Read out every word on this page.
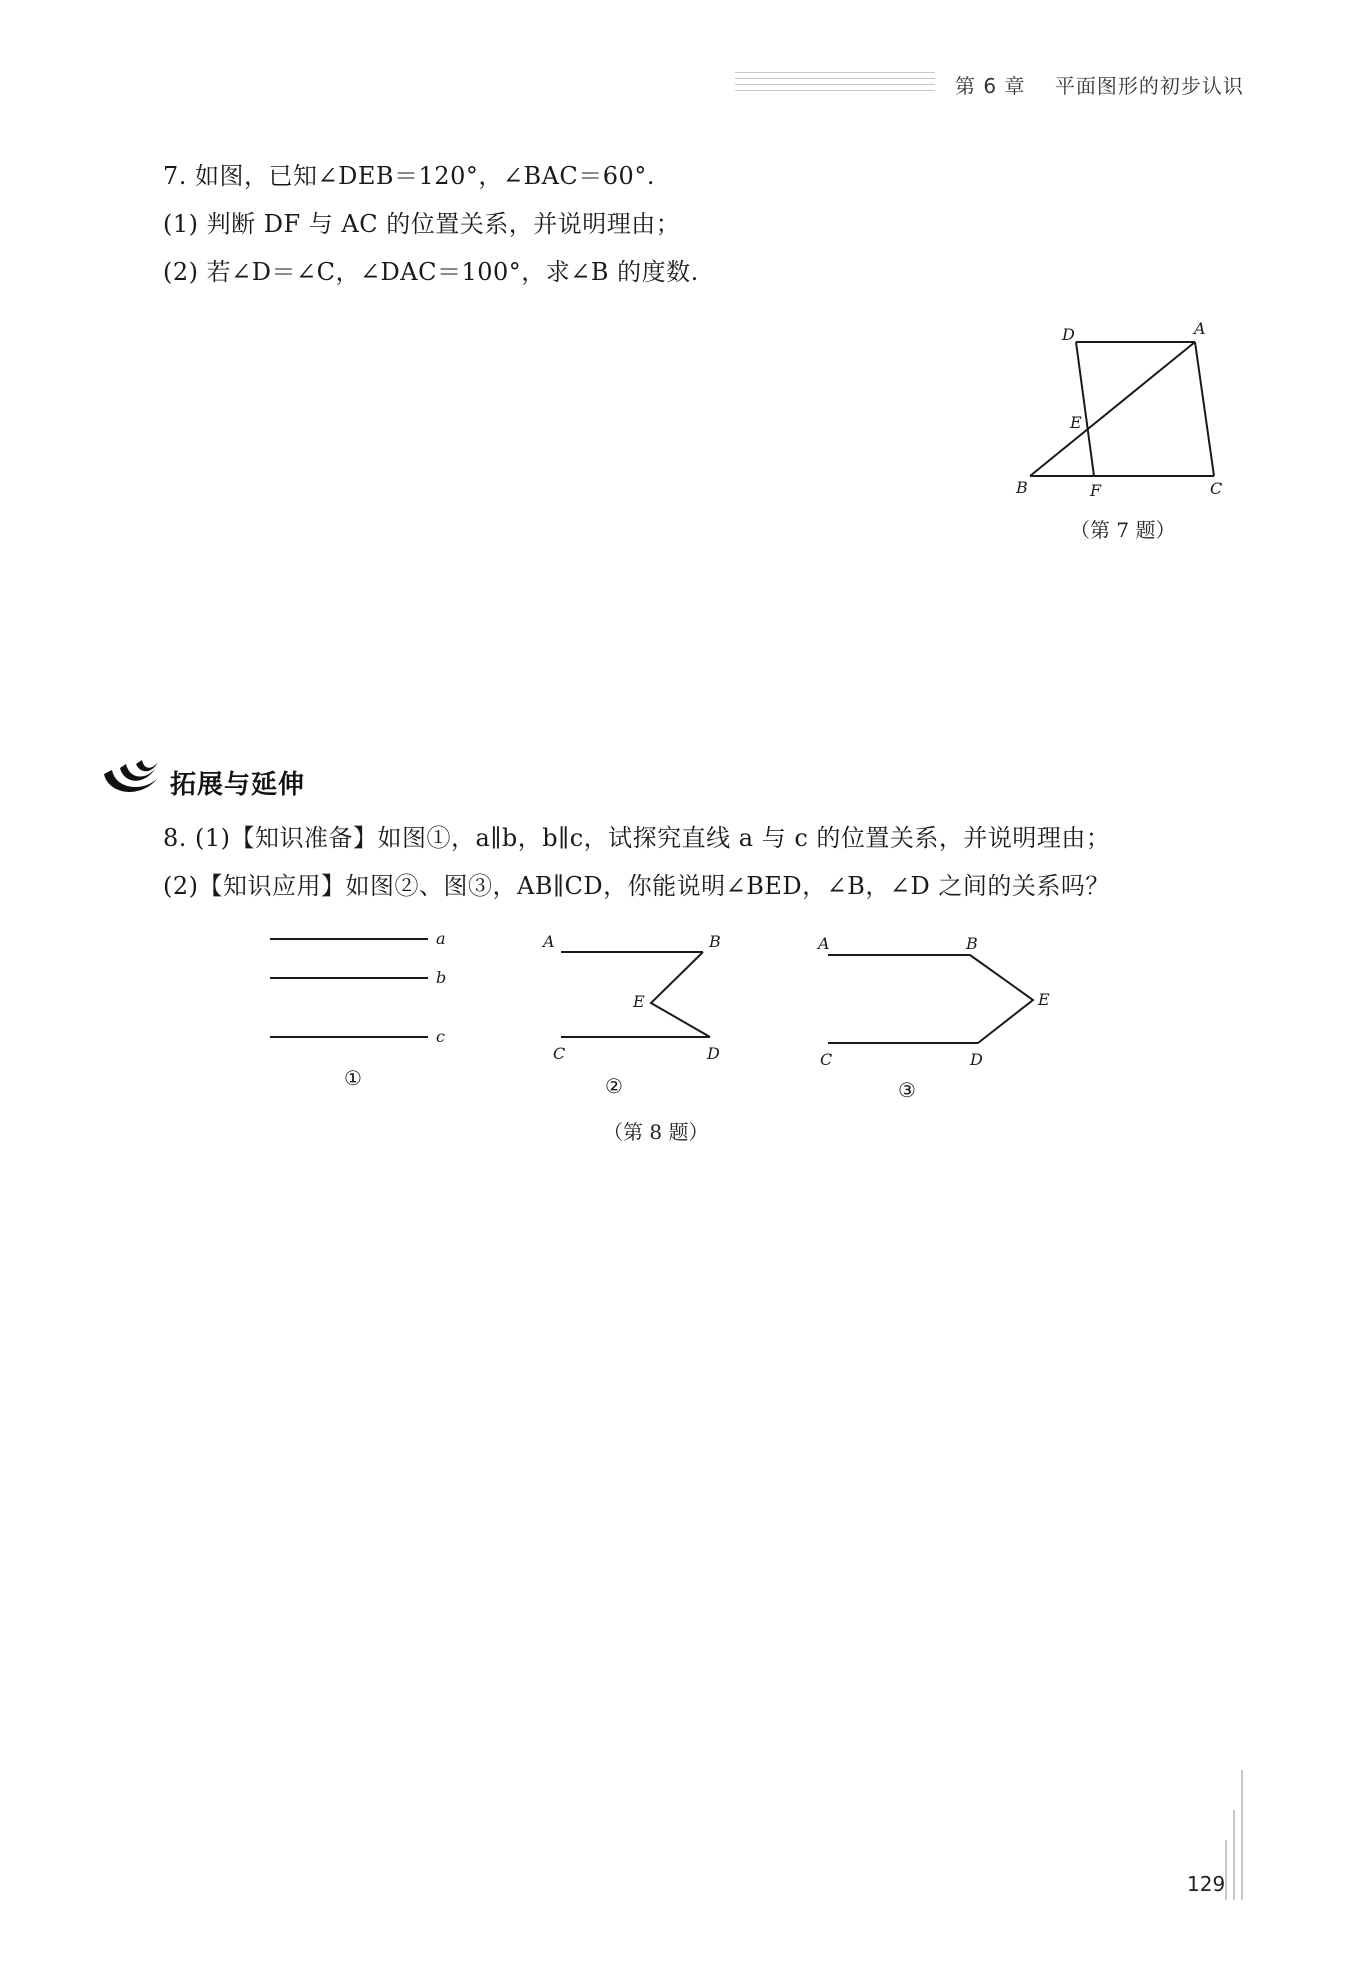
第 6 章 平面图形的初步认识
7. 如图，已知∠DEB＝120°，∠BAC＝60°.
(1) 判断 DF 与 AC 的位置关系，并说明理由；
(2) 若∠D＝∠C，∠DAC＝100°，求∠B 的度数.
D	A
E
B	F	C
（第 7 题）
拓展与延伸
8. (1)【知识准备】如图①，a∥b，b∥c，试探究直线 a 与 c 的位置关系，并说明理由；
(2)【知识应用】如图②、图③，AB∥CD，你能说明∠BED，∠B，∠D 之间的关系吗？
a
b
c
①
A	B
E
C	D
②
A	B
E
C	D
③
（第 8 题）
129
